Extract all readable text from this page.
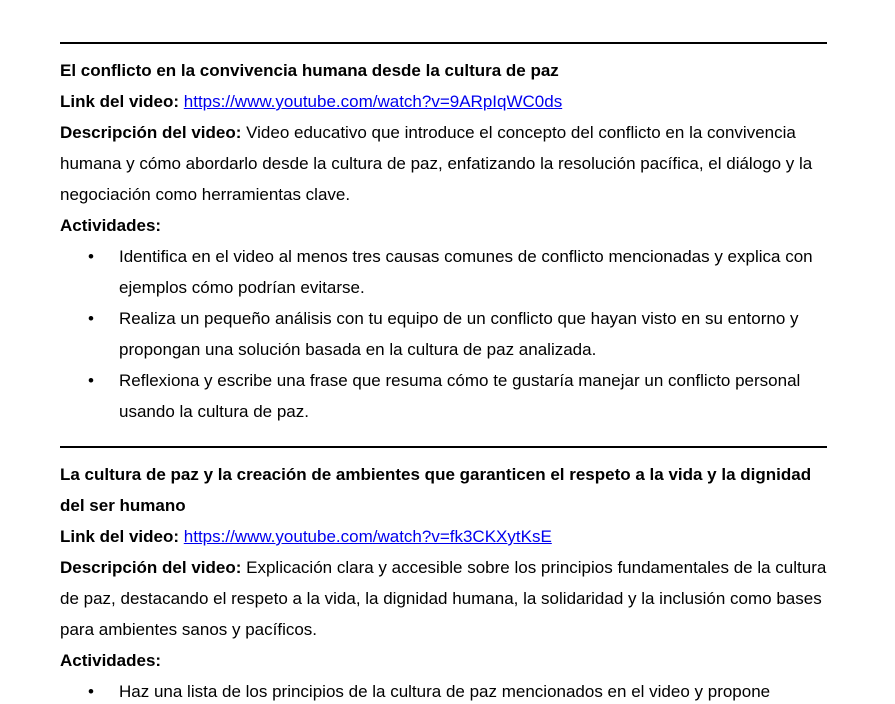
El conflicto en la convivencia humana desde la cultura de paz
Link del video: https://www.youtube.com/watch?v=9ARpIqWC0ds
Descripción del video: Video educativo que introduce el concepto del conflicto en la convivencia humana y cómo abordarlo desde la cultura de paz, enfatizando la resolución pacífica, el diálogo y la negociación como herramientas clave.
Actividades:
• Identifica en el video al menos tres causas comunes de conflicto mencionadas y explica con ejemplos cómo podrían evitarse.
• Realiza un pequeño análisis con tu equipo de un conflicto que hayan visto en su entorno y propongan una solución basada en la cultura de paz analizada.
• Reflexiona y escribe una frase que resuma cómo te gustaría manejar un conflicto personal usando la cultura de paz.
La cultura de paz y la creación de ambientes que garanticen el respeto a la vida y la dignidad del ser humano
Link del video: https://www.youtube.com/watch?v=fk3CKXytKsE
Descripción del video: Explicación clara y accesible sobre los principios fundamentales de la cultura de paz, destacando el respeto a la vida, la dignidad humana, la solidaridad y la inclusión como bases para ambientes sanos y pacíficos.
Actividades:
• Haz una lista de los principios de la cultura de paz mencionados en el video y propone
